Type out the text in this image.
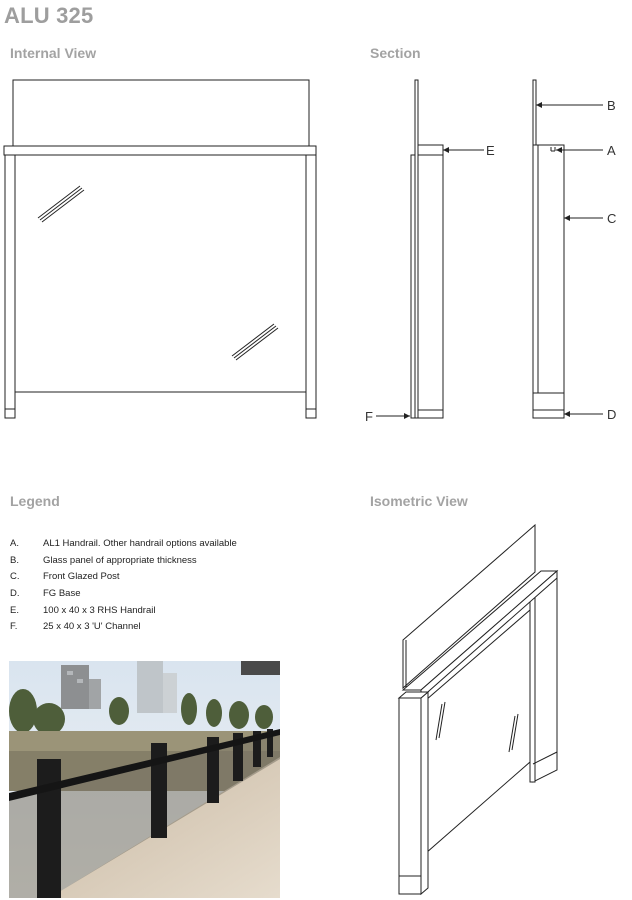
ALU 325
Internal View	Section
Legend	Isometric View
E
F
B
A
C
D
A.	AL1 Handrail. Other handrail options available
B.	Glass panel of appropriate thickness
C.	Front Glazed Post
D.	FG Base
E.	100 x 40 x 3 RHS Handrail
F.	25 x 40 x 3 'U' Channel
